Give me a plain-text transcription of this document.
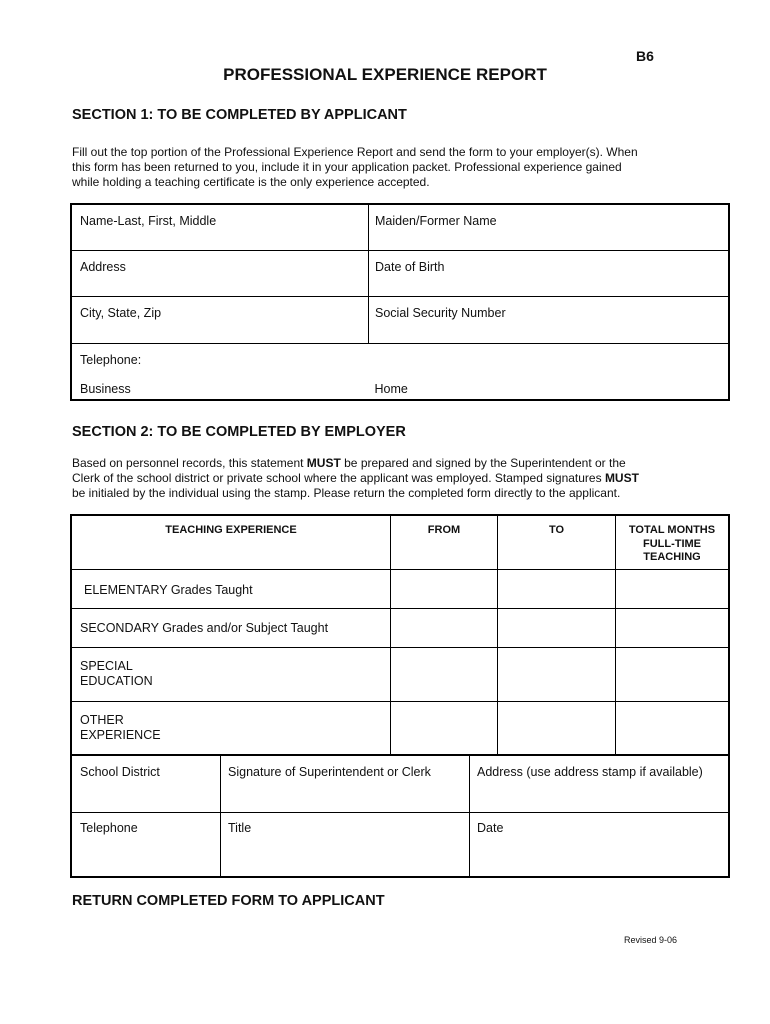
B6
PROFESSIONAL EXPERIENCE REPORT
SECTION 1: TO BE COMPLETED BY APPLICANT
Fill out the top portion of the Professional Experience Report and send the form to your employer(s). When
this form has been returned to you, include it in your application packet. Professional experience gained
while holding a teaching certificate is the only experience accepted.
Name-Last, First, Middle	Maiden/Former Name

Address	Date of Birth

City, State, Zip	Social Security Number

Telephone:
Business	Home
SECTION 2: TO BE COMPLETED BY EMPLOYER
Based on personnel records, this statement MUST be prepared and signed by the Superintendent or the
Clerk of the school district or private school where the applicant was employed. Stamped signatures MUST
be initialed by the individual using the stamp. Please return the completed form directly to the applicant.
TEACHING EXPERIENCE	FROM	TO	TOTAL MONTHS
FULL-TIME
TEACHING

ELEMENTARY Grades Taught			

SECONDARY Grades and/or Subject Taught			

SPECIAL
EDUCATION			

OTHER
EXPERIENCE			

School District	Signature of Superintendent or Clerk	Address (use address stamp if available)

Telephone	Title	Date
RETURN COMPLETED FORM TO APPLICANT
Revised 9-06
